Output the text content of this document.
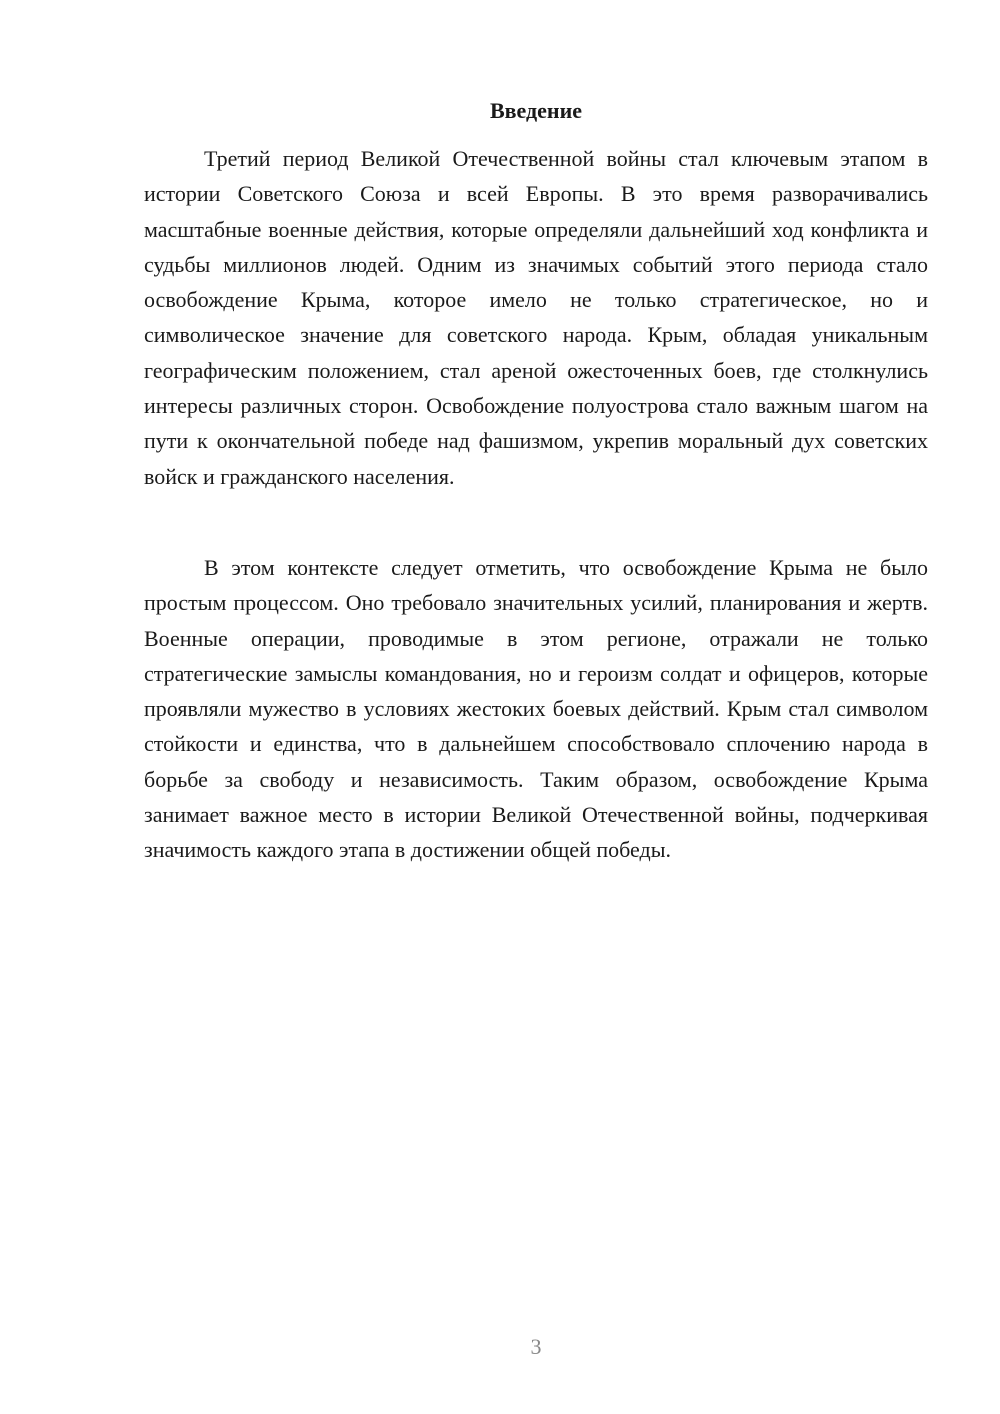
Введение

Третий период Великой Отечественной войны стал ключевым этапом в истории Советского Союза и всей Европы. В это время разворачивались масштабные военные действия, которые определяли дальнейший ход конфликта и судьбы миллионов людей. Одним из значимых событий этого периода стало освобождение Крыма, которое имело не только стратегическое, но и символическое значение для советского народа. Крым, обладая уникальным географическим положением, стал ареной ожесточенных боев, где столкнулись интересы различных сторон. Освобождение полуострова стало важным шагом на пути к окончательной победе над фашизмом, укрепив моральный дух советских войск и гражданского населения.

В этом контексте следует отметить, что освобождение Крыма не было простым процессом. Оно требовало значительных усилий, планирования и жертв. Военные операции, проводимые в этом регионе, отражали не только стратегические замыслы командования, но и героизм солдат и офицеров, которые проявляли мужество в условиях жестоких боевых действий. Крым стал символом стойкости и единства, что в дальнейшем способствовало сплочению народа в борьбе за свободу и независимость. Таким образом, освобождение Крыма занимает важное место в истории Великой Отечественной войны, подчеркивая значимость каждого этапа в достижении общей победы.

3
